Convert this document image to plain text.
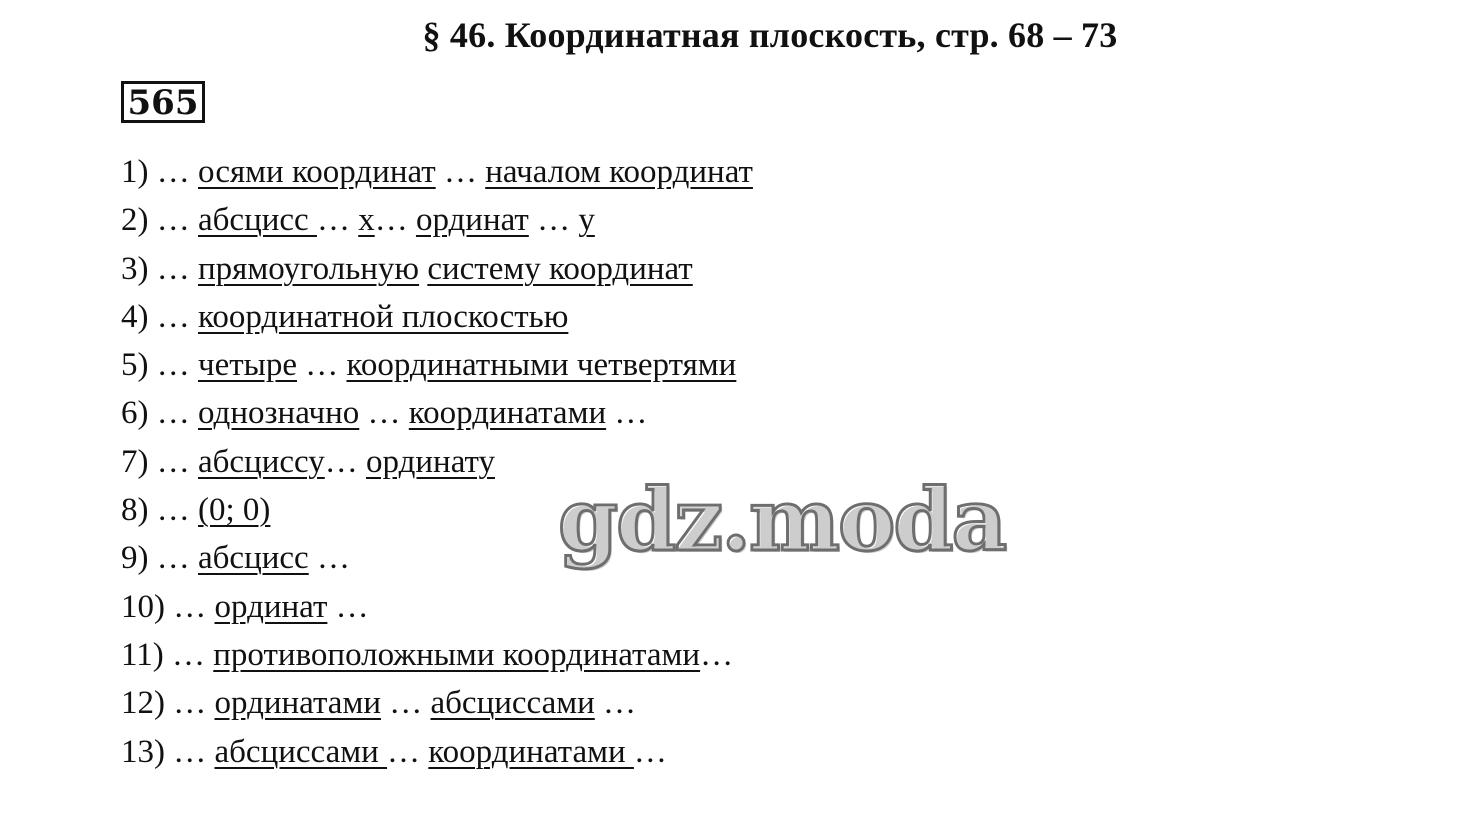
§ 46. Координатная плоскость, стр. 68 – 73
565
1) … осями координат … началом координат
2) … абсцисс … х… ординат … у
3) … прямоугольную систему координат
4) … координатной плоскостью
5) … четыре … координатными четвертями
6) … однозначно … координатами …
7) … абсциссу… ординату
8) … (0; 0)
9) … абсцисс …
10) … ординат …
11) … противоположными координатами…
12) … ординатами … абсциссами …
13) … абсциссами … координатами …
gdz.moda
